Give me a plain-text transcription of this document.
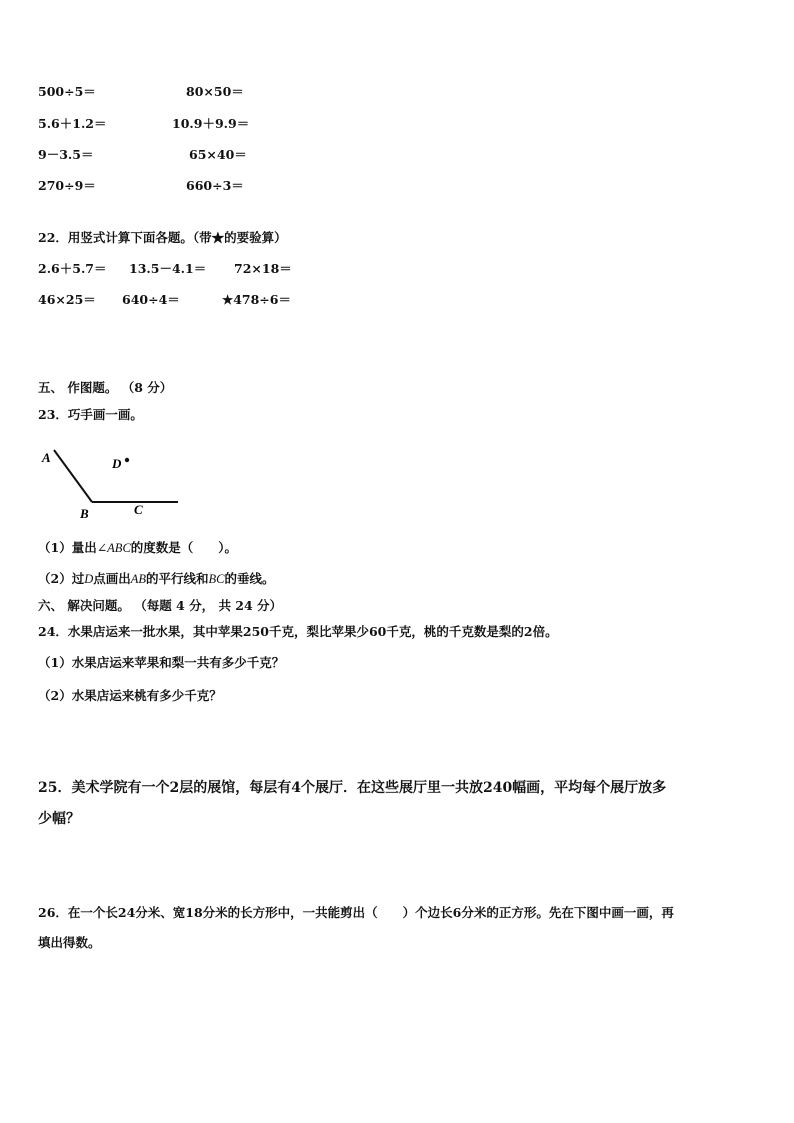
500÷5＝	80×50＝
5.6＋1.2＝	10.9＋9.9＝
9－3.5＝	65×40＝
270÷9＝	660÷3＝
22．用竖式计算下面各题。（带★的要验算）
2.6＋5.7＝ 13.5－4.1＝ 72×18＝
46×25＝ 640÷4＝	★478÷6＝
五、 作图题。 （8 分）
23．巧手画一画。
A
B	C
D
（1）量出∠ABC的度数是（　　）。
（2）过D点画出AB的平行线和BC的垂线。
六、 解决问题。 （每题 4 分， 共 24 分）
24．水果店运来一批水果，其中苹果250千克，梨比苹果少60千克，桃的千克数是梨的2倍。
（1）水果店运来苹果和梨一共有多少千克？
（2）水果店运来桃有多少千克？
25．美术学院有一个2层的展馆，每层有4个展厅．在这些展厅里一共放240幅画，平均每个展厅放多
少幅？
26．在一个长24分米、宽18分米的长方形中，一共能剪出（　　）个边长6分米的正方形。先在下图中画一画，再
填出得数。
